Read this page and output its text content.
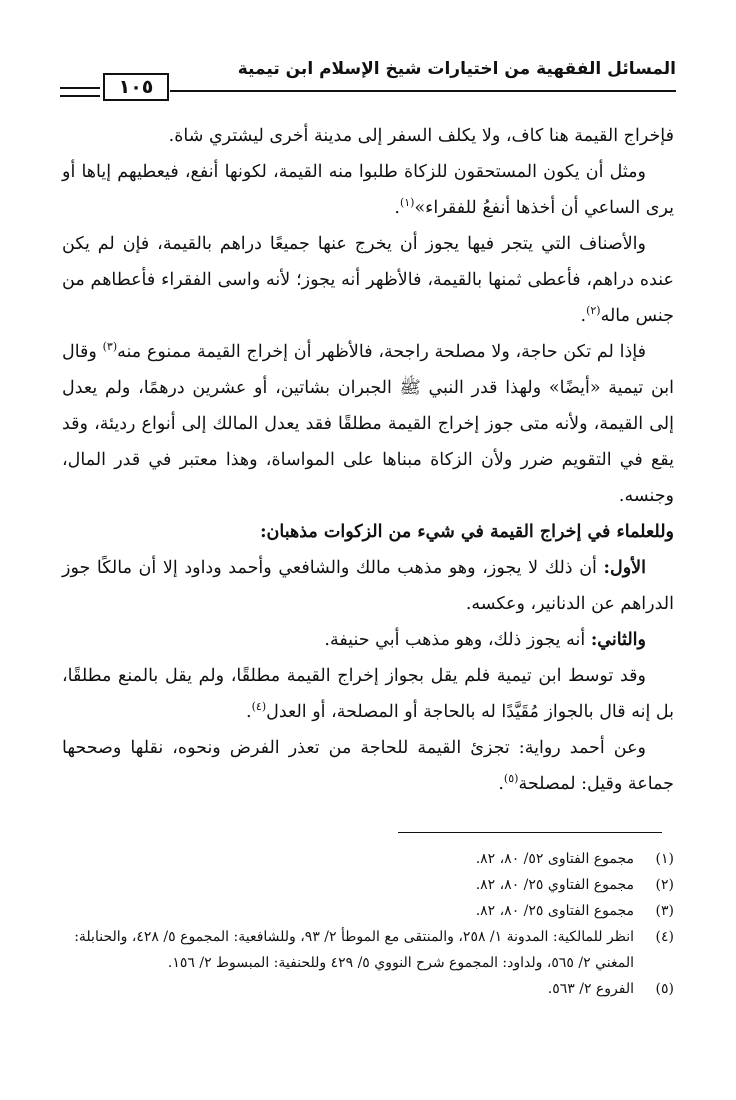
المسائل الفقهية من اختيارات شيخ الإسلام ابن تيمية
١٠٥

فإخراج القيمة هنا كاف، ولا يكلف السفر إلى مدينة أخرى ليشتري شاة.

ومثل أن يكون المستحقون للزكاة طلبوا منه القيمة، لكونها أنفع، فيعطيهم إياها أو يرى الساعي أن أخذها أنفعُ للفقراء»$^{(١)}$.

والأصناف التي يتجر فيها يجوز أن يخرج عنها جميعًا دراهم بالقيمة، فإن لم يكن عنده دراهم، فأعطى ثمنها بالقيمة، فالأظهر أنه يجوز؛ لأنه واسى الفقراء فأعطاهم من جنس ماله$^{(٢)}$.

فإذا لم تكن حاجة، ولا مصلحة راجحة، فالأظهر أن إخراج القيمة ممنوع منه$^{(٣)}$ وقال ابن تيمية «أيضًا» ولهذا قدر النبي ﷺ الجبران بشاتين، أو عشرين درهمًا، ولم يعدل إلى القيمة، ولأنه متى جوز إخراج القيمة مطلقًا فقد يعدل المالك إلى أنواع رديئة، وقد يقع في التقويم ضرر ولأن الزكاة مبناها على المواساة، وهذا معتبر في قدر المال، وجنسه.

وللعلماء في إخراج القيمة في شيء من الزكوات مذهبان:

الأول: أن ذلك لا يجوز، وهو مذهب مالك والشافعي وأحمد وداود إلا أن مالكًا جوز الدراهم عن الدنانير، وعكسه.

والثاني: أنه يجوز ذلك، وهو مذهب أبي حنيفة.

وقد توسط ابن تيمية فلم يقل بجواز إخراج القيمة مطلقًا، ولم يقل بالمنع مطلقًا، بل إنه قال بالجواز مُقَيَّدًا له بالحاجة أو المصلحة، أو العدل$^{(٤)}$.

وعن أحمد رواية: تجزئ القيمة للحاجة من تعذر الفرض ونحوه، نقلها وصححها جماعة وقيل: لمصلحة$^{(٥)}$.

(١)
مجموع الفتاوى ٥٢/ ٨٠، ٨٢.
(٢)
مجموع الفتاوي ٢٥/ ٨٠، ٨٢.
(٣)
مجموع الفتاوى ٢٥/ ٨٠، ٨٢.
(٤)
انظر للمالكية: المدونة ١/ ٢٥٨، والمنتقى مع الموطأ ٢/ ٩٣، وللشافعية: المجموع ٥/ ٤٢٨، والحنابلة: المغني ٢/ ٥٦٥، ولداود: المجموع شرح النووي ٥/ ٤٢٩ وللحنفية: المبسوط ٢/ ١٥٦.
(٥)
الفروع ٢/ ٥٦٣.
